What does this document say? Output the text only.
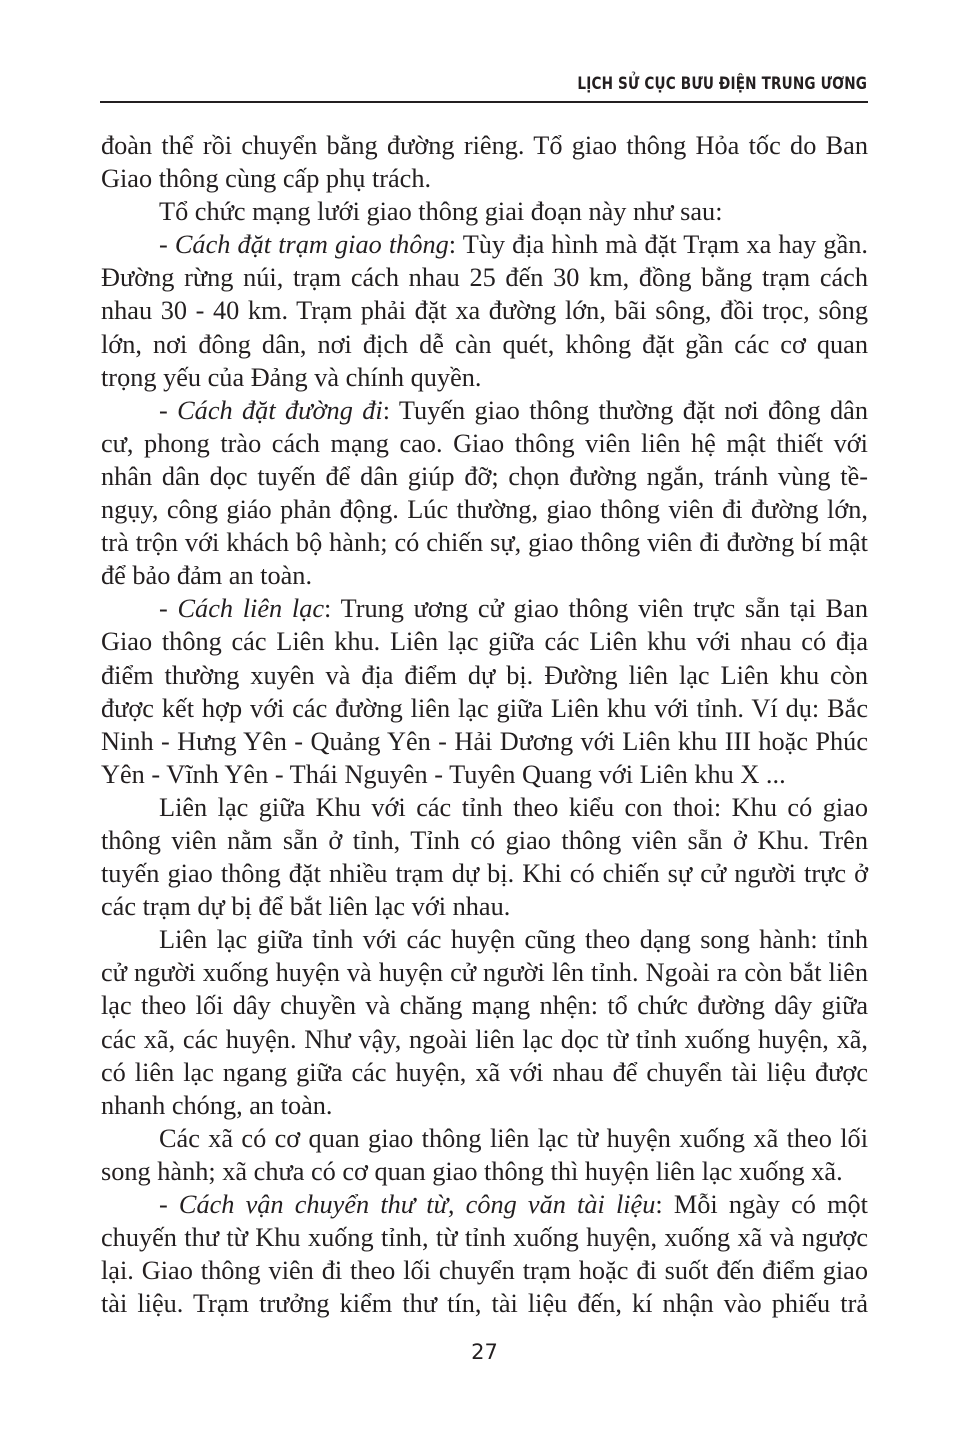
LỊCH SỬ CỤC BƯU ĐIỆN TRUNG ƯƠNG
đoàn thể rồi chuyển bằng đường riêng. Tổ giao thông Hỏa tốc do Ban
Giao thông cùng cấp phụ trách.
Tổ chức mạng lưới giao thông giai đoạn này như sau:
- Cách đặt trạm giao thông: Tùy địa hình mà đặt Trạm xa hay gần.
Đường rừng núi, trạm cách nhau 25 đến 30 km, đồng bằng trạm cách
nhau 30 - 40 km. Trạm phải đặt xa đường lớn, bãi sông, đồi trọc, sông
lớn, nơi đông dân, nơi địch dễ càn quét, không đặt gần các cơ quan
trọng yếu của Đảng và chính quyền.
- Cách đặt đường đi: Tuyến giao thông thường đặt nơi đông dân
cư, phong trào cách mạng cao. Giao thông viên liên hệ mật thiết với
nhân dân dọc tuyến để dân giúp đỡ; chọn đường ngắn, tránh vùng tề-
ngụy, công giáo phản động. Lúc thường, giao thông viên đi đường lớn,
trà trộn với khách bộ hành; có chiến sự, giao thông viên đi đường bí mật
để bảo đảm an toàn.
- Cách liên lạc: Trung ương cử giao thông viên trực sẵn tại Ban
Giao thông các Liên khu. Liên lạc giữa các Liên khu với nhau có địa
điểm thường xuyên và địa điểm dự bị. Đường liên lạc Liên khu còn
được kết hợp với các đường liên lạc giữa Liên khu với tỉnh. Ví dụ: Bắc
Ninh - Hưng Yên - Quảng Yên - Hải Dương với Liên khu III hoặc Phúc
Yên - Vĩnh Yên - Thái Nguyên - Tuyên Quang với Liên khu X ...
Liên lạc giữa Khu với các tỉnh theo kiểu con thoi: Khu có giao
thông viên nằm sẵn ở tỉnh, Tỉnh có giao thông viên sẵn ở Khu. Trên
tuyến giao thông đặt nhiều trạm dự bị. Khi có chiến sự cử người trực ở
các trạm dự bị để bắt liên lạc với nhau.
Liên lạc giữa tỉnh với các huyện cũng theo dạng song hành: tỉnh
cử người xuống huyện và huyện cử người lên tỉnh. Ngoài ra còn bắt liên
lạc theo lối dây chuyền và chăng mạng nhện: tổ chức đường dây giữa
các xã, các huyện. Như vậy, ngoài liên lạc dọc từ tỉnh xuống huyện, xã,
có liên lạc ngang giữa các huyện, xã với nhau để chuyển tài liệu được
nhanh chóng, an toàn.
Các xã có cơ quan giao thông liên lạc từ huyện xuống xã theo lối
song hành; xã chưa có cơ quan giao thông thì huyện liên lạc xuống xã.
- Cách vận chuyển thư từ, công văn tài liệu: Mỗi ngày có một
chuyến thư từ Khu xuống tỉnh, từ tỉnh xuống huyện, xuống xã và ngược
lại. Giao thông viên đi theo lối chuyển trạm hoặc đi suốt đến điểm giao
tài liệu. Trạm trưởng kiểm thư tín, tài liệu đến, kí nhận vào phiếu trả
27
